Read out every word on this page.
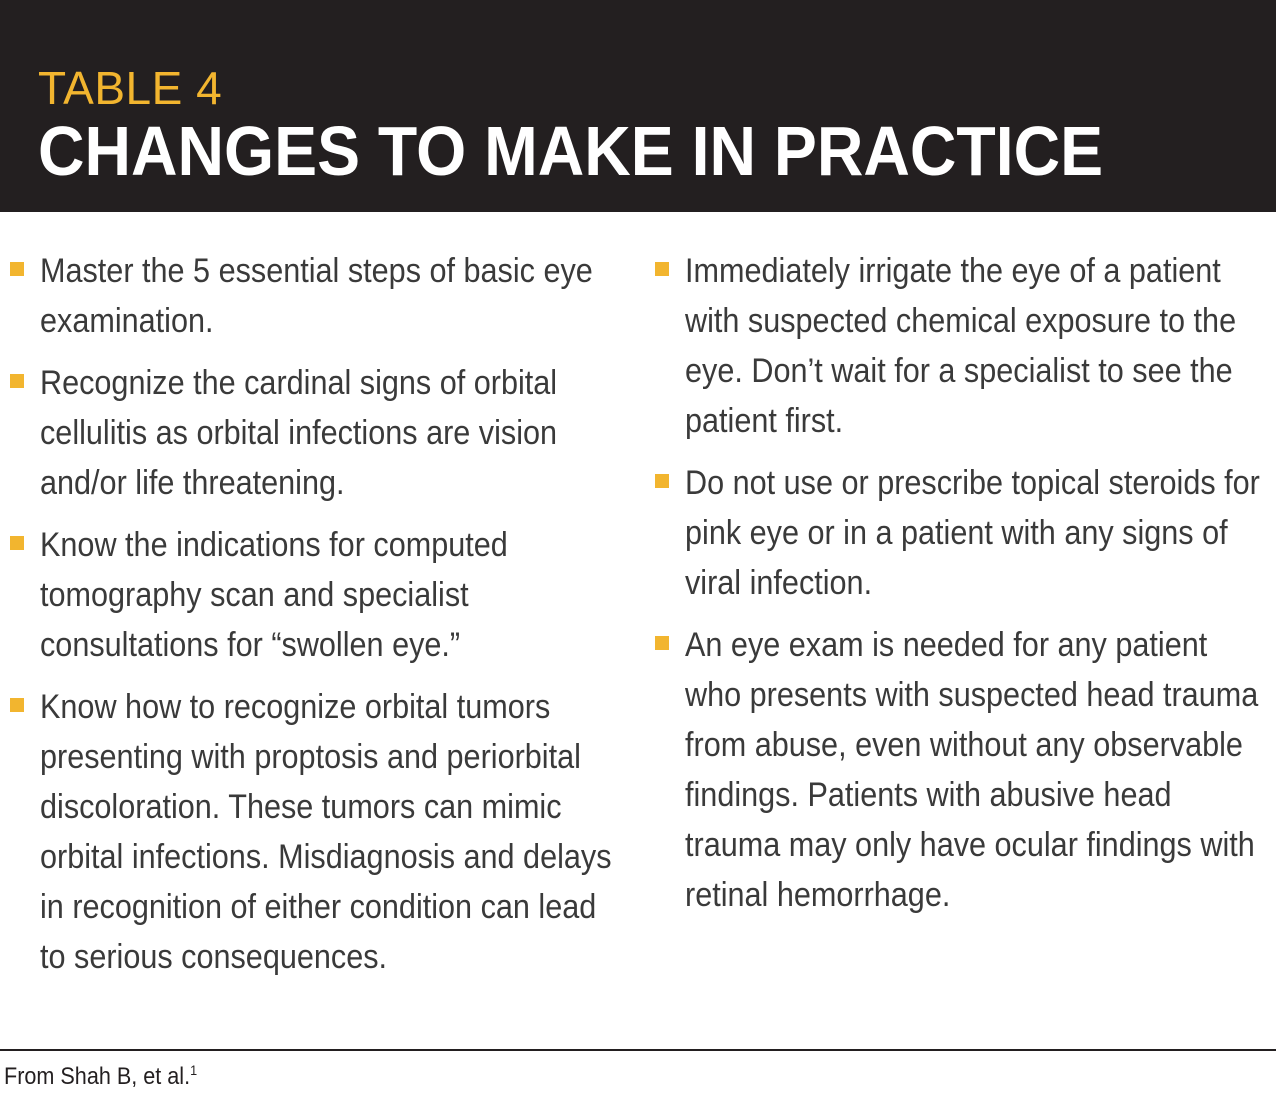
TABLE 4
CHANGES TO MAKE IN PRACTICE
Master the 5 essential steps of basic eye examination.
Recognize the cardinal signs of orbital cellulitis as orbital infections are vision and/or life threatening.
Know the indications for computed tomography scan and specialist consultations for “swollen eye.”
Know how to recognize orbital tumors presenting with proptosis and periorbital discoloration. These tumors can mimic orbital infections. Misdiagnosis and delays in recognition of either condition can lead to serious consequences.
Immediately irrigate the eye of a patient with suspected chemical exposure to the eye. Don’t wait for a specialist to see the patient first.
Do not use or prescribe topical steroids for pink eye or in a patient with any signs of viral infection.
An eye exam is needed for any patient who presents with suspected head trauma from abuse, even without any observable findings. Patients with abusive head trauma may only have ocular findings with retinal hemorrhage.
From Shah B, et al.$^1$
